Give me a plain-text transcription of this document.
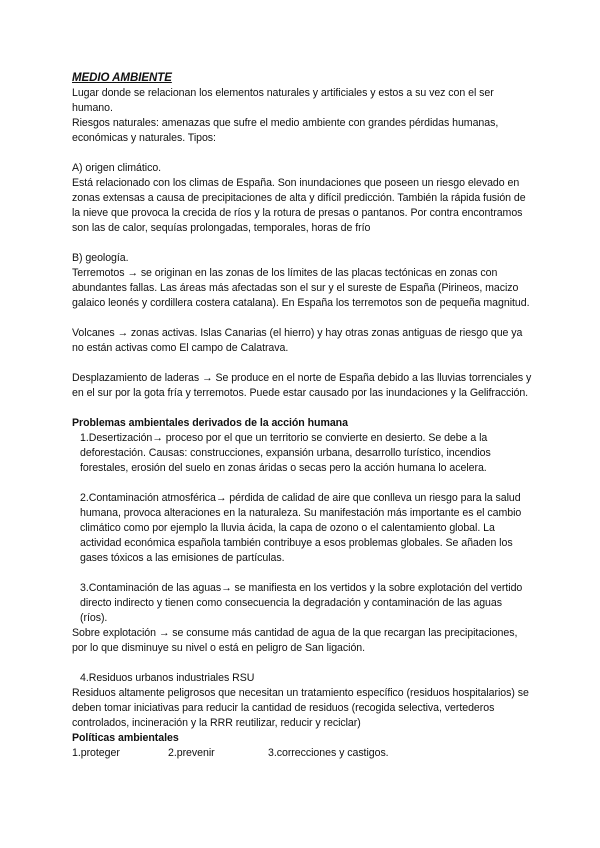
MEDIO AMBIENTE

Lugar donde se relacionan los elementos naturales y artificiales y estos a su vez con el ser humano.

Riesgos naturales: amenazas que sufre el medio ambiente con grandes pérdidas humanas, económicas y naturales. Tipos:

A) origen climático.

Está relacionado con los climas de España. Son inundaciones que poseen un riesgo elevado en zonas extensas a causa de precipitaciones de alta y difícil predicción. También la rápida fusión de la nieve que provoca la crecida de ríos y la rotura de presas o pantanos. Por contra encontramos son las de calor, sequías prolongadas, temporales, horas de frío

B) geología.

Terremotos → se originan en las zonas de los límites de las placas tectónicas en zonas con abundantes fallas. Las áreas más afectadas son el sur y el sureste de España (Pirineos, macizo galaico leonés y cordillera costera catalana). En España los terremotos son de pequeña magnitud.

Volcanes → zonas activas. Islas Canarias (el hierro) y hay otras zonas antiguas de riesgo que ya no están activas como El campo de Calatrava.

Desplazamiento de laderas → Se produce en el norte de España debido a las lluvias torrenciales y en el sur por la gota fría y terremotos. Puede estar causado por las inundaciones y la Gelifracción.

Problemas ambientales derivados de la acción humana

1.Desertización→ proceso por el que un territorio se convierte en desierto. Se debe a la deforestación. Causas: construcciones, expansión urbana, desarrollo turístico, incendios forestales, erosión del suelo en zonas áridas o secas pero la acción humana lo acelera.

2.Contaminación atmosférica→ pérdida de calidad de aire que conlleva un riesgo para la salud humana, provoca alteraciones en la naturaleza. Su manifestación más importante es el cambio climático como por ejemplo la lluvia ácida, la capa de ozono o el calentamiento global. La actividad económica española también contribuye a esos problemas globales. Se añaden los gases tóxicos a las emisiones de partículas.

3.Contaminación de las aguas→ se manifiesta en los vertidos y la sobre explotación del vertido directo indirecto y tienen como consecuencia la degradación y contaminación de las aguas (ríos).

Sobre explotación → se consume más cantidad de agua de la que recargan las precipitaciones, por lo que disminuye su nivel o está en peligro de San ligación.

4.Residuos urbanos industriales RSU

Residuos altamente peligrosos que necesitan un tratamiento específico (residuos hospitalarios) se deben tomar iniciativas para reducir la cantidad de residuos (recogida selectiva, vertederos controlados, incineración y la RRR reutilizar, reducir y reciclar)

Políticas ambientales

1.proteger	2.prevenir	3.correcciones y castigos.
